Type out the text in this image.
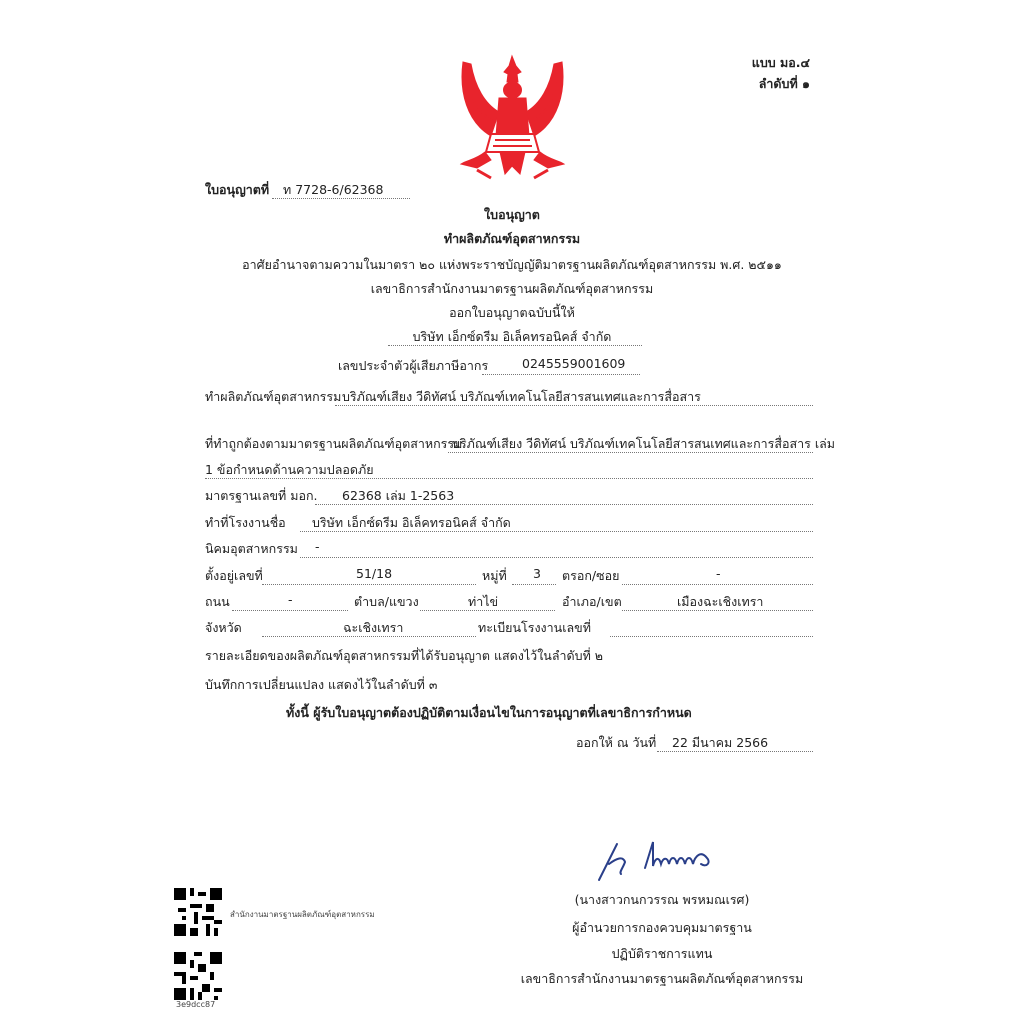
แบบ มอ.๔
ลำดับที่ ๑
ใบอนุญาตที่ ท 7728-6/62368
ใบอนุญาต
ทำผลิตภัณฑ์อุตสาหกรรม
อาศัยอำนาจตามความในมาตรา ๒๐ แห่งพระราชบัญญัติมาตรฐานผลิตภัณฑ์อุตสาหกรรม พ.ศ. ๒๕๑๑
เลขาธิการสำนักงานมาตรฐานผลิตภัณฑ์อุตสาหกรรม
ออกใบอนุญาตฉบับนี้ให้
บริษัท เอ็กซ์ดรีม อิเล็คทรอนิคส์ จำกัด
เลขประจำตัวผู้เสียภาษีอากร	0245559001609
ทำผลิตภัณฑ์อุตสาหกรรม บริภัณฑ์เสียง วีดิทัศน์ บริภัณฑ์เทคโนโลยีสารสนเทศและการสื่อสาร
ที่ทำถูกต้องตามมาตรฐานผลิตภัณฑ์อุตสาหกรรม
บริภัณฑ์เสียง วีดิทัศน์ บริภัณฑ์เทคโนโลยีสารสนเทศและการสื่อสาร เล่ม
1 ข้อกำหนดด้านความปลอดภัย
มาตรฐานเลขที่ มอก. 62368 เล่ม 1-2563
ทำที่โรงงานชื่อ บริษัท เอ็กซ์ดรีม อิเล็คทรอนิคส์ จำกัด
นิคมอุตสาหกรรม -
ตั้งอยู่เลขที่	51/18	หมู่ที่ 3 ตรอก/ซอย	-
ถนน	-	ตำบล/แขวง	ท่าไข่	อำเภอ/เขต	เมืองฉะเชิงเทรา
จังหวัด	ฉะเชิงเทรา	ทะเบียนโรงงานเลขที่
รายละเอียดของผลิตภัณฑ์อุตสาหกรรมที่ได้รับอนุญาต แสดงไว้ในลำดับที่ ๒
บันทึกการเปลี่ยนแปลง แสดงไว้ในลำดับที่ ๓
ทั้งนี้ ผู้รับใบอนุญาตต้องปฏิบัติตามเงื่อนไขในการอนุญาตที่เลขาธิการกำหนด
ออกให้ ณ วันที่ 22 มีนาคม 2566
(นางสาวกนกวรรณ พรหมณเรศ)
ผู้อำนวยการกองควบคุมมาตรฐาน
ปฏิบัติราชการแทน
เลขาธิการสำนักงานมาตรฐานผลิตภัณฑ์อุตสาหกรรม
สำนักงานมาตรฐานผลิตภัณฑ์อุตสาหกรรม
3e9dcc87
